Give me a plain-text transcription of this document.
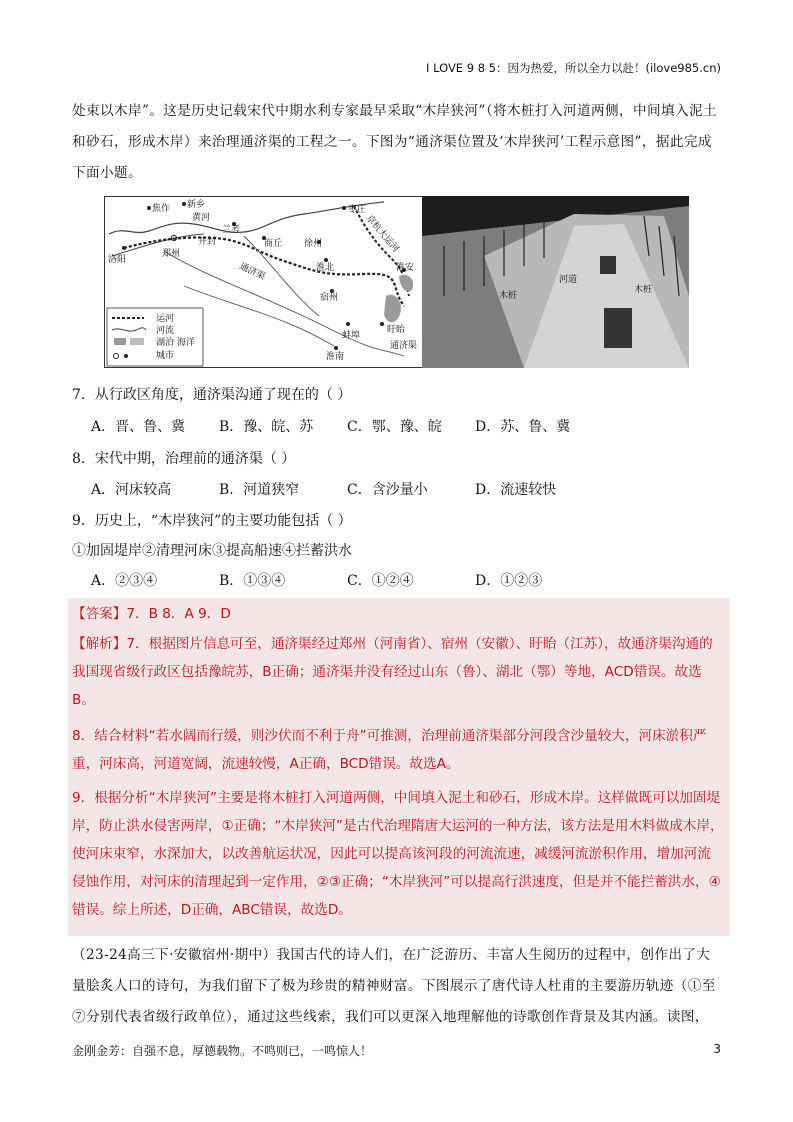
I LOVE 9 8 5：因为热爱，所以全力以赴！(ilove985.cn)
处束以木岸”。这是历史记载宋代中期水利专家最早采取“木岸狭河”（将木桩打入河道两侧，中间填入泥土和砂石，形成木岸）来治理通济渠的工程之一。下图为“通济渠位置及‘木岸狭河’工程示意图”，据此完成下面小题。
焦作 新乡
黄河
兰考
开封
郑州
洛阳
商丘
枣庄
徐州
淮北
宿州
淮安
蚌埠
盱眙
淮南
通济渠
京杭大运河
通济渠
运河
河流
湖泊 海洋
城市
木桩
河道
木桩
7．从行政区角度，通济渠沟通了现在的（ ）
A．晋、鲁、冀	B．豫、皖、苏	C．鄂、豫、皖	D．苏、鲁、冀
8．宋代中期，治理前的通济渠（ ）
A．河床较高	B．河道狭窄	C．含沙量小	D．流速较快
9．历史上，“木岸狭河”的主要功能包括（ ）
①加固堤岸②清理河床③提高船速④拦蓄洪水
A．②③④	B．①③④	C．①②④	D．①②③
【答案】7．B 8．A 9．D
【解析】7．根据图片信息可至，通济渠经过郑州（河南省）、宿州（安徽）、盱眙（江苏），故通济渠沟通的我国现省级行政区包括豫皖苏，B正确；通济渠并没有经过山东（鲁）、湖北（鄂）等地，ACD错误。故选B。
8．结合材料“若水阔而行缓，则沙伏而不利于舟”可推测，治理前通济渠部分河段含沙量较大，河床淤积严重，河床高，河道宽阔，流速较慢，A正确，BCD错误。故选A。
9．根据分析“木岸狭河”主要是将木桩打入河道两侧，中间填入泥土和砂石，形成木岸。这样做既可以加固堤岸，防止洪水侵害两岸，①正确；“木岸狭河”是古代治理隋唐大运河的一种方法，该方法是用木料做成木岸，使河床束窄，水深加大，以改善航运状况，因此可以提高该河段的河流流速，减缓河流淤积作用，增加河流侵蚀作用，对河床的清理起到一定作用，②③正确；“木岸狭河”可以提高行洪速度，但是并不能拦蓄洪水，④错误。综上所述，D正确，ABC错误，故选D。
（23-24高三下·安徽宿州·期中）我国古代的诗人们，在广泛游历、丰富人生阅历的过程中，创作出了大量脍炙人口的诗句，为我们留下了极为珍贵的精神财富。下图展示了唐代诗人杜甫的主要游历轨迹（①至⑦分别代表省级行政单位），通过这些线索，我们可以更深入地理解他的诗歌创作背景及其内涵。读图，
金刚金芳：自强不息，厚德载物。不鸣则已，一鸣惊人！	3
